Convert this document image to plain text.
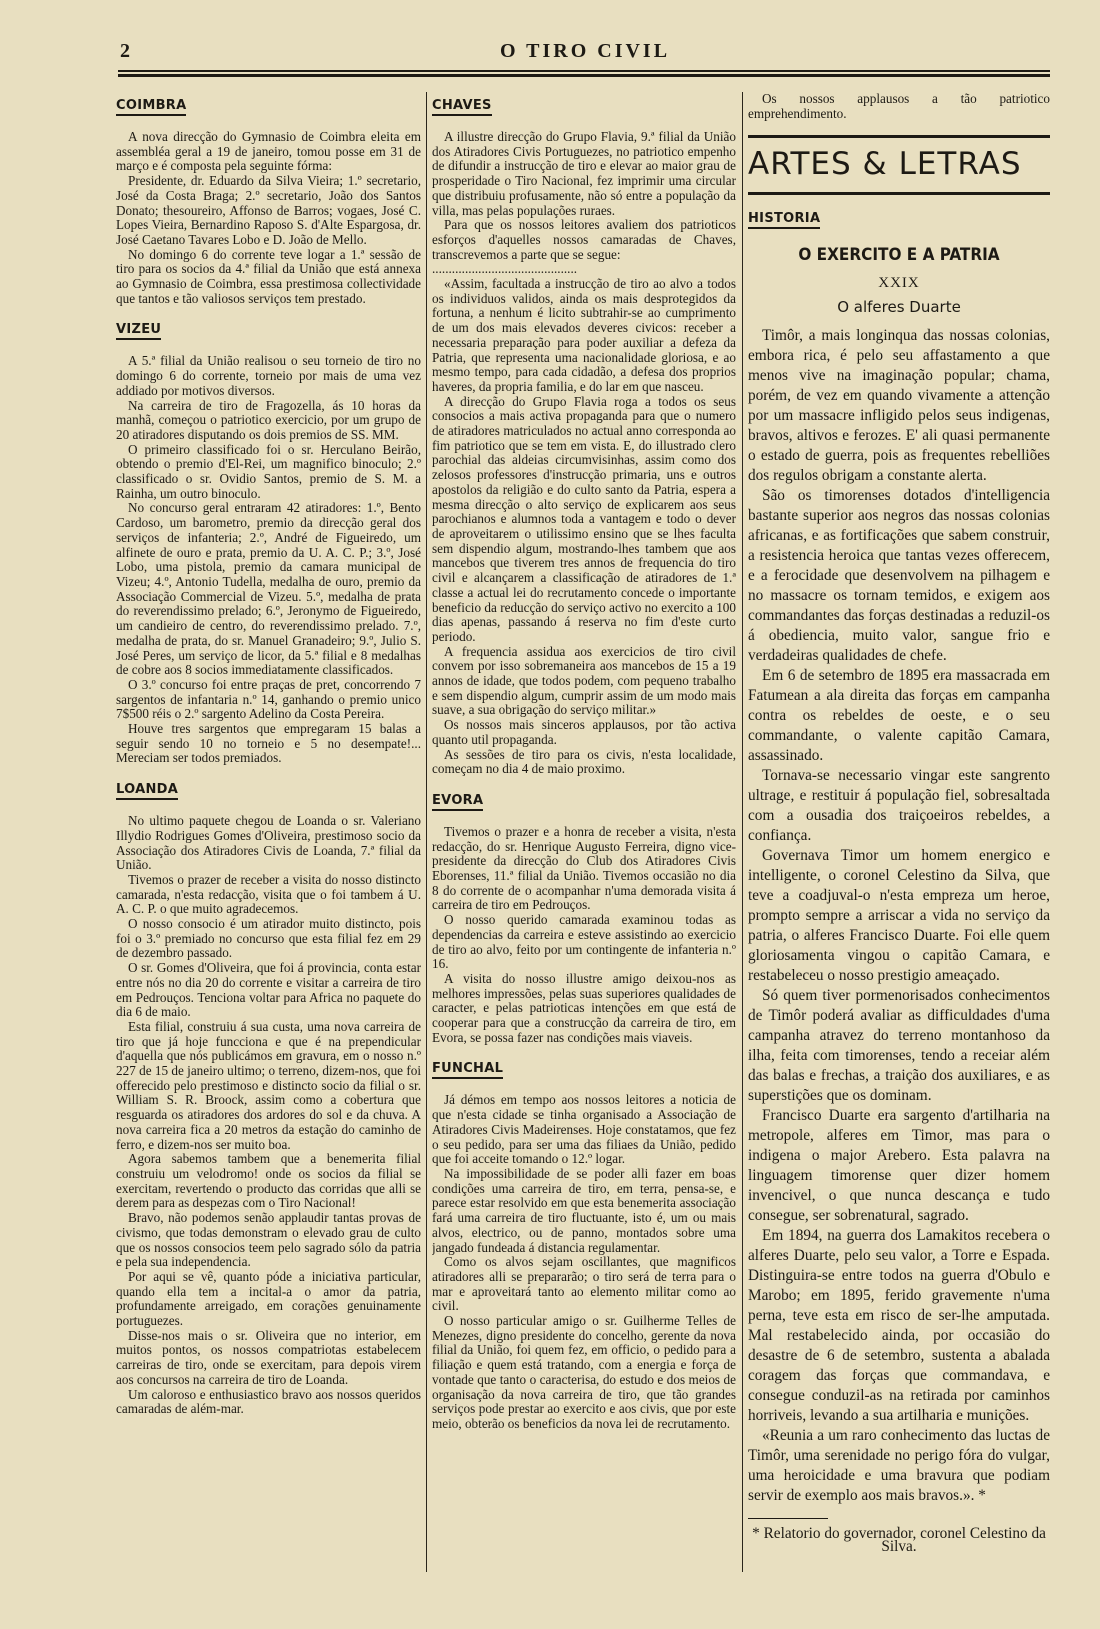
2	O TIRO CIVIL
COIMBRA

A nova direcção do Gymnasio de Coimbra eleita em assembléa geral a 19 de janeiro, tomou posse em 31 de março e é composta pela seguinte fórma:

Presidente, dr. Eduardo da Silva Vieira; 1.º secretario, José da Costa Braga; 2.º secretario, João dos Santos Donato; thesoureiro, Affonso de Barros; vogaes, José C. Lopes Vieira, Bernardino Raposo S. d'Alte Espargosa, dr. José Caetano Tavares Lobo e D. João de Mello.

No domingo 6 do corrente teve logar a 1.ª sessão de tiro para os socios da 4.ª filial da União que está annexa ao Gymnasio de Coimbra, essa prestimosa collectividade que tantos e tão valiosos serviços tem prestado.

VIZEU

A 5.ª filial da União realisou o seu torneio de tiro no domingo 6 do corrente, torneio por mais de uma vez addiado por motivos diversos.

Na carreira de tiro de Fragozella, ás 10 horas da manhã, começou o patriotico exercicio, por um grupo de 20 atiradores disputando os dois premios de SS. MM.

O primeiro classificado foi o sr. Herculano Beirão, obtendo o premio d'El-Rei, um magnifico binoculo; 2.º classificado o sr. Ovidio Santos, premio de S. M. a Rainha, um outro binoculo.

No concurso geral entraram 42 atiradores: 1.º, Bento Cardoso, um barometro, premio da direcção geral dos serviços de infanteria; 2.º, André de Figueiredo, um alfinete de ouro e prata, premio da U. A. C. P.; 3.º, José Lobo, uma pistola, premio da camara municipal de Vizeu; 4.º, Antonio Tudella, medalha de ouro, premio da Associação Commercial de Vizeu. 5.º, medalha de prata do reverendissimo prelado; 6.º, Jeronymo de Figueiredo, um candieiro de centro, do reverendissimo prelado. 7.º, medalha de prata, do sr. Manuel Granadeiro; 9.º, Julio S. José Peres, um serviço de licor, da 5.ª filial e 8 medalhas de cobre aos 8 socios immediatamente classificados.

O 3.º concurso foi entre praças de pret, concorrendo 7 sargentos de infantaria n.º 14, ganhando o premio unico 7$500 réis o 2.º sargento Adelino da Costa Pereira.

Houve tres sargentos que empregaram 15 balas a seguir sendo 10 no torneio e 5 no desempate!... Mereciam ser todos premiados.

LOANDA

No ultimo paquete chegou de Loanda o sr. Valeriano Illydio Rodrigues Gomes d'Oliveira, prestimoso socio da Associação dos Atiradores Civis de Loanda, 7.ª filial da União.

Tivemos o prazer de receber a visita do nosso distincto camarada, n'esta redacção, visita que o foi tambem á U. A. C. P. o que muito agradecemos.

O nosso consocio é um atirador muito distincto, pois foi o 3.º premiado no concurso que esta filial fez em 29 de dezembro passado.

O sr. Gomes d'Oliveira, que foi á provincia, conta estar entre nós no dia 20 do corrente e visitar a carreira de tiro em Pedrouços. Tenciona voltar para Africa no paquete do dia 6 de maio.

Esta filial, construiu á sua custa, uma nova carreira de tiro que já hoje funcciona e que é na prependicular d'aquella que nós publicámos em gravura, em o nosso n.º 227 de 15 de janeiro ultimo; o terreno, dizem-nos, que foi offerecido pelo prestimoso e distincto socio da filial o sr. William S. R. Broock, assim como a cobertura que resguarda os atiradores dos ardores do sol e da chuva. A nova carreira fica a 20 metros da estação do caminho de ferro, e dizem-nos ser muito boa.

Agora sabemos tambem que a benemerita filial construiu um velodromo! onde os socios da filial se exercitam, revertendo o producto das corridas que alli se derem para as despezas com o Tiro Nacional!

Bravo, não podemos senão applaudir tantas provas de civismo, que todas demonstram o elevado grau de culto que os nossos consocios teem pelo sagrado sólo da patria e pela sua independencia.

Por aqui se vê, quanto póde a iniciativa particular, quando ella tem a incital-a o amor da patria, profundamente arreigado, em corações genuinamente portuguezes.

Disse-nos mais o sr. Oliveira que no interior, em muitos pontos, os nossos compatriotas estabelecem carreiras de tiro, onde se exercitam, para depois virem aos concursos na carreira de tiro de Loanda.

Um caloroso e enthusiastico bravo aos nossos queridos camaradas de além-mar.

CHAVES

A illustre direcção do Grupo Flavia, 9.ª filial da União dos Atiradores Civis Portuguezes, no patriotico empenho de difundir a instrucção de tiro e elevar ao maior grau de prosperidade o Tiro Nacional, fez imprimir uma circular que distribuiu profusamente, não só entre a população da villa, mas pelas populações ruraes.

Para que os nossos leitores avaliem dos patrioticos esforços d'aquelles nossos camaradas de Chaves, transcrevemos a parte que se segue:

............................................

«Assim, facultada a instrucção de tiro ao alvo a todos os individuos validos, ainda os mais desprotegidos da fortuna, a nenhum é licito subtrahir-se ao cumprimento de um dos mais elevados deveres civicos: receber a necessaria preparação para poder auxiliar a defeza da Patria, que representa uma nacionalidade gloriosa, e ao mesmo tempo, para cada cidadão, a defesa dos proprios haveres, da propria familia, e do lar em que nasceu.

A direcção do Grupo Flavia roga a todos os seus consocios a mais activa propaganda para que o numero de atiradores matriculados no actual anno corresponda ao fim patriotico que se tem em vista. E, do illustrado clero parochial das aldeias circumvisinhas, assim como dos zelosos professores d'instrucção primaria, uns e outros apostolos da religião e do culto santo da Patria, espera a mesma direcção o alto serviço de explicarem aos seus parochianos e alumnos toda a vantagem e todo o dever de aproveitarem o utilissimo ensino que se lhes faculta sem dispendio algum, mostrando-lhes tambem que aos mancebos que tiverem tres annos de frequencia do tiro civil e alcançarem a classificação de atiradores de 1.ª classe a actual lei do recrutamento concede o importante beneficio da reducção do serviço activo no exercito a 100 dias apenas, passando á reserva no fim d'este curto periodo.

A frequencia assidua aos exercicios de tiro civil convem por isso sobremaneira aos mancebos de 15 a 19 annos de idade, que todos podem, com pequeno trabalho e sem dispendio algum, cumprir assim de um modo mais suave, a sua obrigação do serviço militar.»

Os nossos mais sinceros applausos, por tão activa quanto util propaganda.

As sessões de tiro para os civis, n'esta localidade, começam no dia 4 de maio proximo.

EVORA

Tivemos o prazer e a honra de receber a visita, n'esta redacção, do sr. Henrique Augusto Ferreira, digno vice-presidente da direcção do Club dos Atiradores Civis Eborenses, 11.ª filial da União. Tivemos occasião no dia 8 do corrente de o acompanhar n'uma demorada visita á carreira de tiro em Pedrouços.

O nosso querido camarada examinou todas as dependencias da carreira e esteve assistindo ao exercicio de tiro ao alvo, feito por um contingente de infanteria n.º 16.

A visita do nosso illustre amigo deixou-nos as melhores impressões, pelas suas superiores qualidades de caracter, e pelas patrioticas intenções em que está de cooperar para que a construcção da carreira de tiro, em Evora, se possa fazer nas condições mais viaveis.

FUNCHAL

Já démos em tempo aos nossos leitores a noticia de que n'esta cidade se tinha organisado a Associação de Atiradores Civis Madeirenses. Hoje constatamos, que fez o seu pedido, para ser uma das filiaes da União, pedido que foi acceite tomando o 12.º logar.

Na impossibilidade de se poder alli fazer em boas condições uma carreira de tiro, em terra, pensa-se, e parece estar resolvido em que esta benemerita associação fará uma carreira de tiro fluctuante, isto é, um ou mais alvos, electrico, ou de panno, montados sobre uma jangado fundeada á distancia regulamentar.

Como os alvos sejam oscillantes, que magnificos atiradores alli se prepararão; o tiro será de terra para o mar e aproveitará tanto ao elemento militar como ao civil.

O nosso particular amigo o sr. Guilherme Telles de Menezes, digno presidente do concelho, gerente da nova filial da União, foi quem fez, em officio, o pedido para a filiação e quem está tratando, com a energia e força de vontade que tanto o caracterisa, do estudo e dos meios de organisação da nova carreira de tiro, que tão grandes serviços pode prestar ao exercito e aos civis, que por este meio, obterão os beneficios da nova lei de recrutamento.

Os nossos applausos a tão patriotico emprehendimento.

ARTES & LETRAS
HISTORIA
O EXERCITO E A PATRIA
XXIX
O alferes Duarte

Timôr, a mais longinqua das nossas colonias, embora rica, é pelo seu affastamento a que menos vive na imaginação popular; chama, porém, de vez em quando vivamente a attenção por um massacre infligido pelos seus indigenas, bravos, altivos e ferozes. E' ali quasi permanente o estado de guerra, pois as frequentes rebelliões dos regulos obrigam a constante alerta.

São os timorenses dotados d'intelligencia bastante superior aos negros das nossas colonias africanas, e as fortificações que sabem construir, a resistencia heroica que tantas vezes offerecem, e a ferocidade que desenvolvem na pilhagem e no massacre os tornam temidos, e exigem aos commandantes das forças destinadas a reduzil-os á obediencia, muito valor, sangue frio e verdadeiras qualidades de chefe.

Em 6 de setembro de 1895 era massacrada em Fatumean a ala direita das forças em campanha contra os rebeldes de oeste, e o seu commandante, o valente capitão Camara, assassinado.

Tornava-se necessario vingar este sangrento ultrage, e restituir á população fiel, sobresaltada com a ousadia dos traiçoeiros rebeldes, a confiança.

Governava Timor um homem energico e intelligente, o coronel Celestino da Silva, que teve a coadjuval-o n'esta empreza um heroe, prompto sempre a arriscar a vida no serviço da patria, o alferes Francisco Duarte. Foi elle quem gloriosamenta vingou o capitão Camara, e restabeleceu o nosso prestigio ameaçado.

Só quem tiver pormenorisados conhecimentos de Timôr poderá avaliar as difficuldades d'uma campanha atravez do terreno montanhoso da ilha, feita com timorenses, tendo a receiar além das balas e frechas, a traição dos auxiliares, e as superstições que os dominam.

Francisco Duarte era sargento d'artilharia na metropole, alferes em Timor, mas para o indigena o major Arebero. Esta palavra na linguagem timorense quer dizer homem invencivel, o que nunca descança e tudo consegue, ser sobrenatural, sagrado.

Em 1894, na guerra dos Lamakitos recebera o alferes Duarte, pelo seu valor, a Torre e Espada. Distinguira-se entre todos na guerra d'Obulo e Marobo; em 1895, ferido gravemente n'uma perna, teve esta em risco de ser-lhe amputada. Mal restabelecido ainda, por occasião do desastre de 6 de setembro, sustenta a abalada coragem das forças que commandava, e consegue conduzil-as na retirada por caminhos horriveis, levando a sua artilharia e munições.

«Reunia a um raro conhecimento das luctas de Timôr, uma serenidade no perigo fóra do vulgar, uma heroicidade e uma bravura que podiam servir de exemplo aos mais bravos.». *

* Relatorio do governador, coronel Celestino da Silva.
